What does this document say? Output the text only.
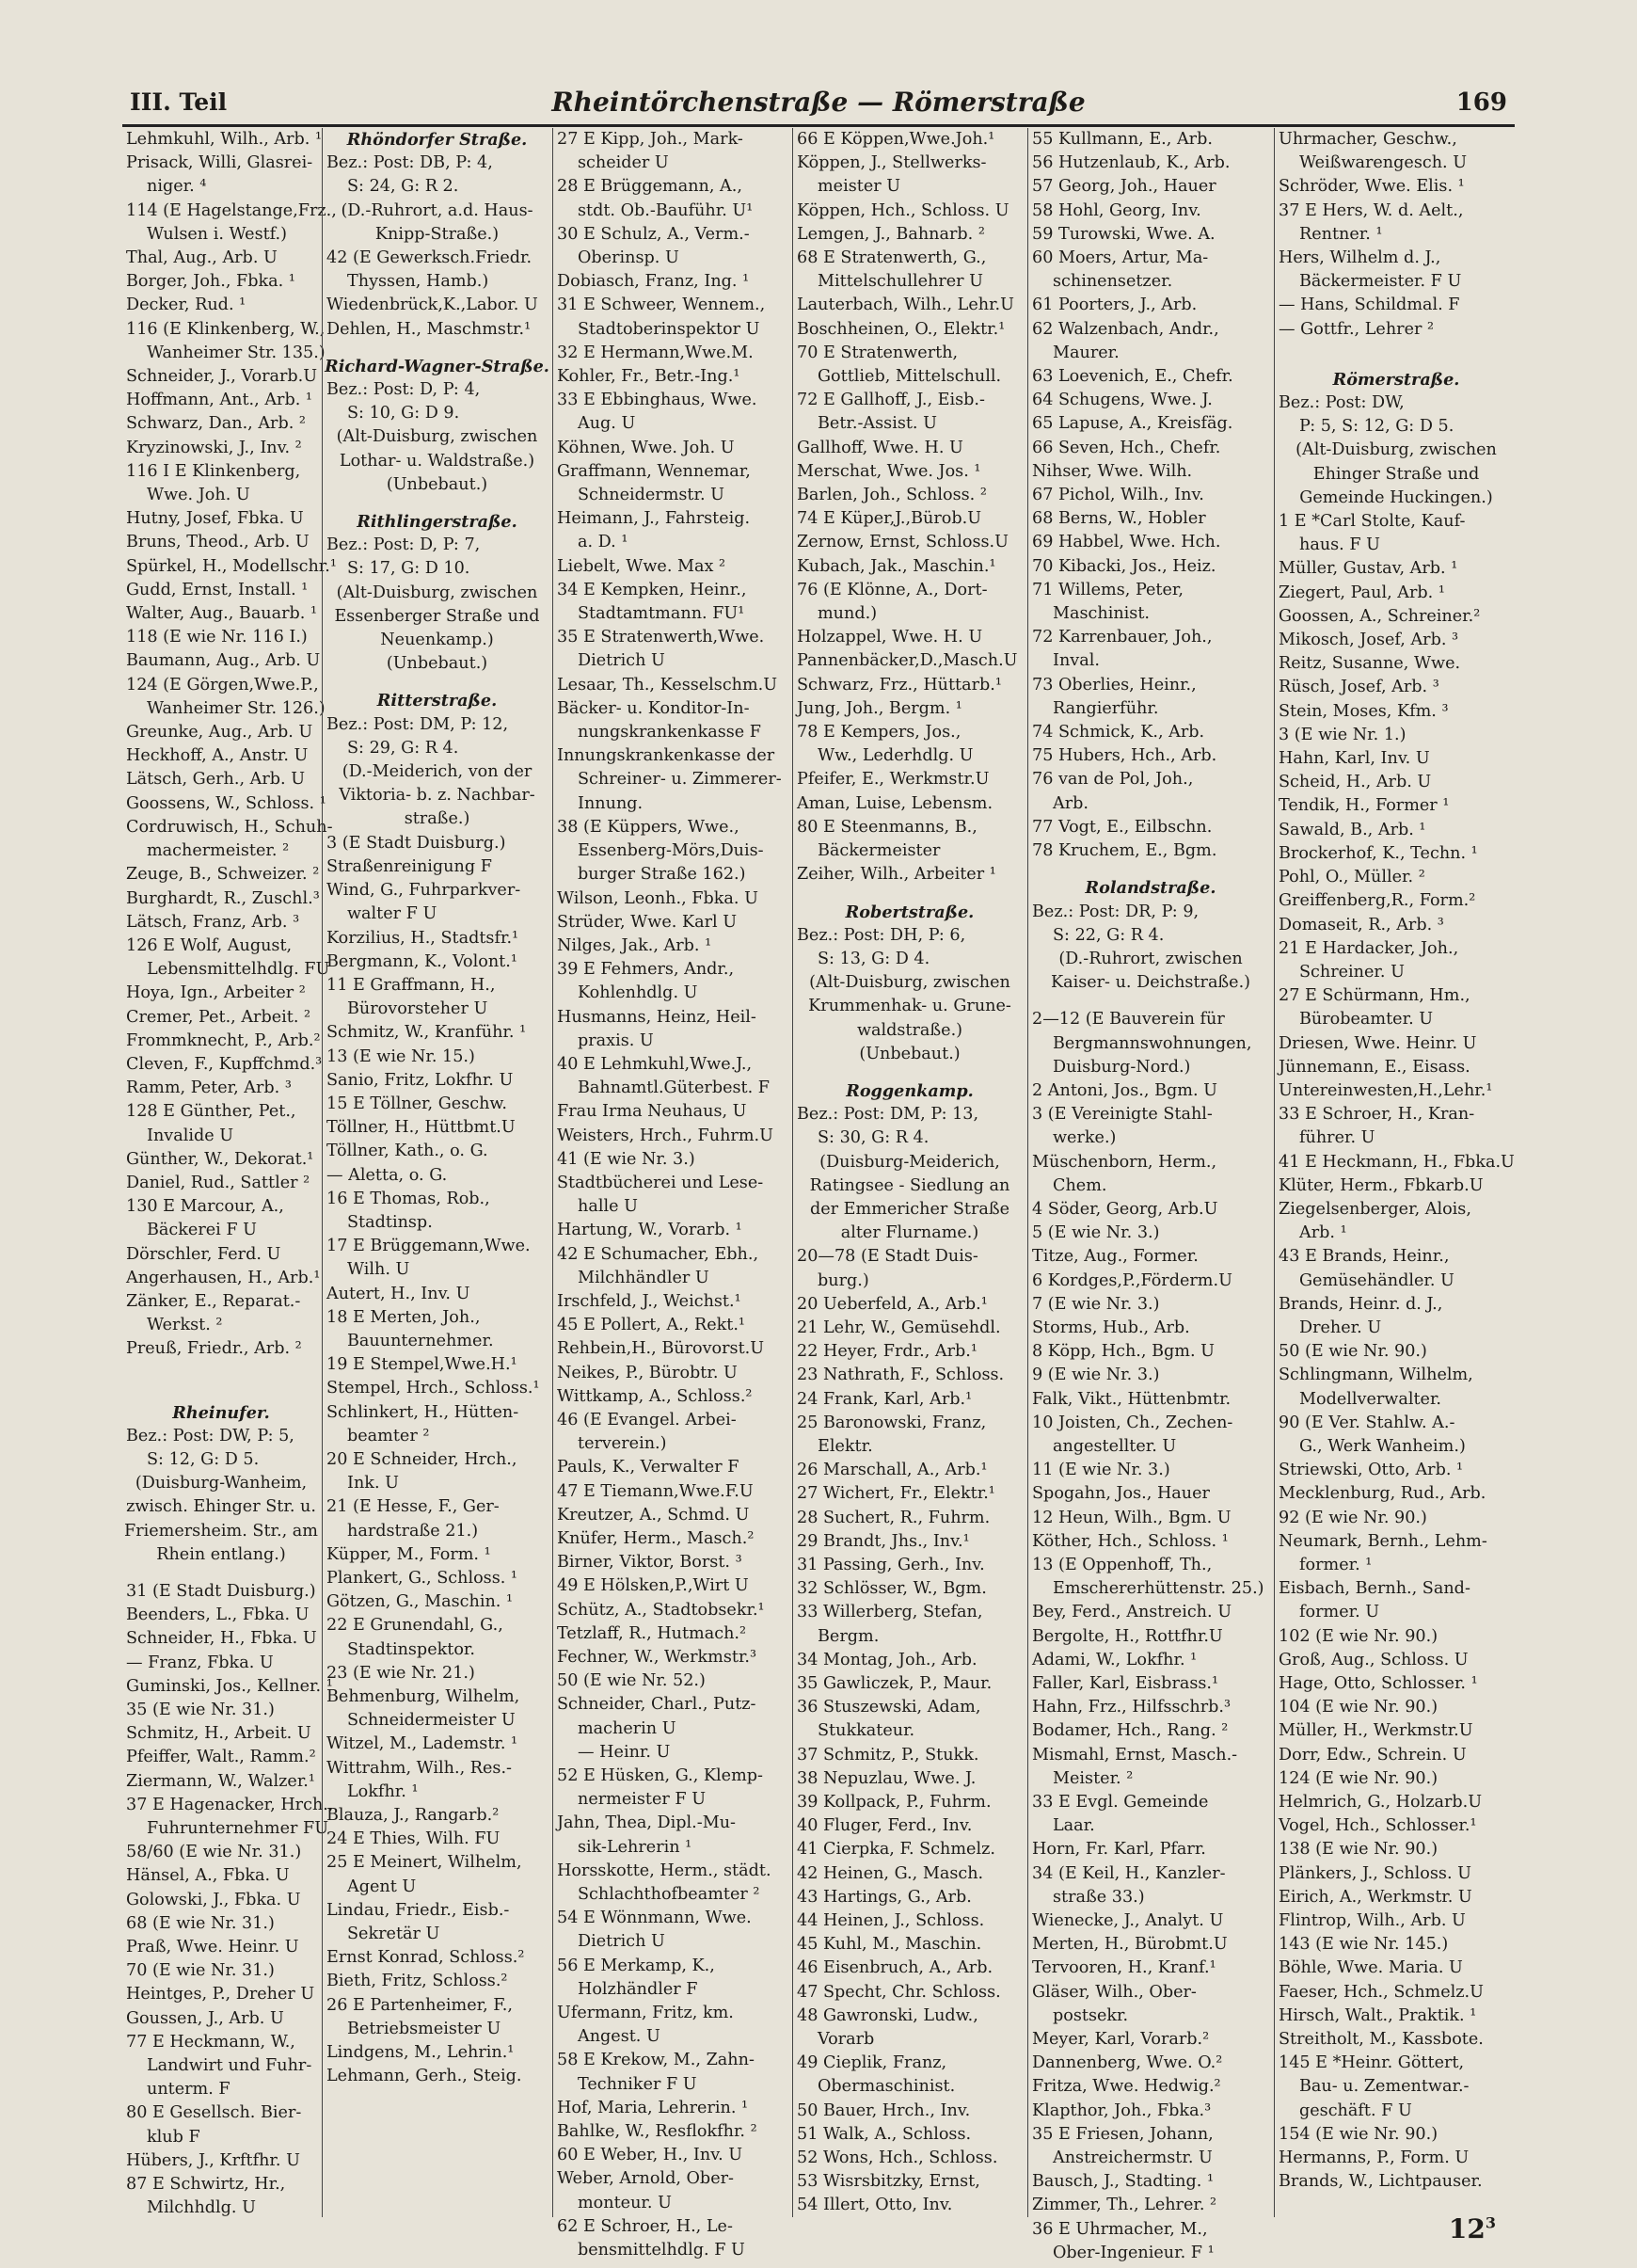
III. Teil	Rheintörchenstraße — Römerstraße	169
Lehmkuhl, Wilh., Arb. ¹
Prisack, Willi, Glasrei-
niger. ⁴
114 (E Hagelstange,Frz.,
Wulsen i. Westf.)
Thal, Aug., Arb. U
Borger, Joh., Fbka. ¹
Decker, Rud. ¹
116 (E Klinkenberg, W.,
Wanheimer Str. 135.)
Schneider, J., Vorarb.U
Hoffmann, Ant., Arb. ¹
Schwarz, Dan., Arb. ²
Kryzinowski, J., Inv. ²
116 I E Klinkenberg,
Wwe. Joh. U
Hutny, Josef, Fbka. U
Bruns, Theod., Arb. U
Spürkel, H., Modellschr.¹
Gudd, Ernst, Install. ¹
Walter, Aug., Bauarb. ¹
118 (E wie Nr. 116 I.)
Baumann, Aug., Arb. U
124 (E Görgen,Wwe.P.,
Wanheimer Str. 126.)
Greunke, Aug., Arb. U
Heckhoff, A., Anstr. U
Lätsch, Gerh., Arb. U
Goossens, W., Schloss. ¹
Cordruwisch, H., Schuh-
machermeister. ²
Zeuge, B., Schweizer. ²
Burghardt, R., Zuschl.³
Lätsch, Franz, Arb. ³
126 E Wolf, August,
Lebensmittelhdlg. FU
Hoya, Ign., Arbeiter ²
Cremer, Pet., Arbeit. ²
Frommknecht, P., Arb.²
Cleven, F., Kupffchmd.³
Ramm, Peter, Arb. ³
128 E Günther, Pet.,
Invalide U
Günther, W., Dekorat.¹
Daniel, Rud., Sattler ²
130 E Marcour, A.,
Bäckerei F U
Dörschler, Ferd. U
Angerhausen, H., Arb.¹
Zänker, E., Reparat.-
Werkst. ²
Preuß, Friedr., Arb. ²
Rheinufer.
Bez.: Post: DW, P: 5,
S: 12, G: D 5.
(Duisburg-Wanheim,
zwisch. Ehinger Str. u.
Friemersheim. Str., am
Rhein entlang.)
31 (E Stadt Duisburg.)
Beenders, L., Fbka. U
Schneider, H., Fbka. U
— Franz, Fbka. U
Guminski, Jos., Kellner. ¹
35 (E wie Nr. 31.)
Schmitz, H., Arbeit. U
Pfeiffer, Walt., Ramm.²
Ziermann, W., Walzer.¹
37 E Hagenacker, Hrch.,
Fuhrunternehmer FU
58/60 (E wie Nr. 31.)
Hänsel, A., Fbka. U
Golowski, J., Fbka. U
68 (E wie Nr. 31.)
Praß, Wwe. Heinr. U
70 (E wie Nr. 31.)
Heintges, P., Dreher U
Goussen, J., Arb. U
77 E Heckmann, W.,
Landwirt und Fuhr-
unterm. F
80 E Gesellsch. Bier-
klub F
Hübers, J., Krftfhr. U
87 E Schwirtz, Hr.,
Milchhdlg. U
Rhöndorfer Straße.
Bez.: Post: DB, P: 4,
S: 24, G: R 2.
(D.-Ruhrort, a.d. Haus-
Knipp-Straße.)
42 (E Gewerksch.Friedr.
Thyssen, Hamb.)
Wiedenbrück,K.,Labor. U
Dehlen, H., Maschmstr.¹
Richard-Wagner-Straße.
Bez.: Post: D, P: 4,
S: 10, G: D 9.
(Alt-Duisburg, zwischen
Lothar- u. Waldstraße.)
(Unbebaut.)
Rithlingerstraße.
Bez.: Post: D, P: 7,
S: 17, G: D 10.
(Alt-Duisburg, zwischen
Essenberger Straße und
Neuenkamp.)
(Unbebaut.)
Ritterstraße.
Bez.: Post: DM, P: 12,
S: 29, G: R 4.
(D.-Meiderich, von der
Viktoria- b. z. Nachbar-
straße.)
3 (E Stadt Duisburg.)
Straßenreinigung F
Wind, G., Fuhrparkver-
walter F U
Korzilius, H., Stadtsfr.¹
Bergmann, K., Volont.¹
11 E Graffmann, H.,
Bürovorsteher U
Schmitz, W., Kranführ. ¹
13 (E wie Nr. 15.)
Sanio, Fritz, Lokfhr. U
15 E Töllner, Geschw.
Töllner, H., Hüttbmt.U
Töllner, Kath., o. G.
— Aletta, o. G.
16 E Thomas, Rob.,
Stadtinsp.
17 E Brüggemann,Wwe.
Wilh. U
Autert, H., Inv. U
18 E Merten, Joh.,
Bauunternehmer.
19 E Stempel,Wwe.H.¹
Stempel, Hrch., Schloss.¹
Schlinkert, H., Hütten-
beamter ²
20 E Schneider, Hrch.,
Ink. U
21 (E Hesse, F., Ger-
hardstraße 21.)
Küpper, M., Form. ¹
Plankert, G., Schloss. ¹
Götzen, G., Maschin. ¹
22 E Grunendahl, G.,
Stadtinspektor.
23 (E wie Nr. 21.)
Behmenburg, Wilhelm,
Schneidermeister U
Witzel, M., Lademstr. ¹
Wittrahm, Wilh., Res.-
Lokfhr. ¹
Blauza, J., Rangarb.²
24 E Thies, Wilh. FU
25 E Meinert, Wilhelm,
Agent U
Lindau, Friedr., Eisb.-
Sekretär U
Ernst Konrad, Schloss.²
Bieth, Fritz, Schloss.²
26 E Partenheimer, F.,
Betriebsmeister U
Lindgens, M., Lehrin.¹
Lehmann, Gerh., Steig.
27 E Kipp, Joh., Mark-
scheider U
28 E Brüggemann, A.,
stdt. Ob.-Bauführ. U¹
30 E Schulz, A., Verm.-
Oberinsp. U
Dobiasch, Franz, Ing. ¹
31 E Schweer, Wennem.,
Stadtoberinspektor U
32 E Hermann,Wwe.M.
Kohler, Fr., Betr.-Ing.¹
33 E Ebbinghaus, Wwe.
Aug. U
Köhnen, Wwe. Joh. U
Graffmann, Wennemar,
Schneidermstr. U
Heimann, J., Fahrsteig.
a. D. ¹
Liebelt, Wwe. Max ²
34 E Kempken, Heinr.,
Stadtamtmann. FU¹
35 E Stratenwerth,Wwe.
Dietrich U
Lesaar, Th., Kesselschm.U
Bäcker- u. Konditor-In-
nungskrankenkasse F
Innungskrankenkasse der
Schreiner- u. Zimmerer-
Innung.
38 (E Küppers, Wwe.,
Essenberg-Mörs,Duis-
burger Straße 162.)
Wilson, Leonh., Fbka. U
Strüder, Wwe. Karl U
Nilges, Jak., Arb. ¹
39 E Fehmers, Andr.,
Kohlenhdlg. U
Husmanns, Heinz, Heil-
praxis. U
40 E Lehmkuhl,Wwe.J.,
Bahnamtl.Güterbest. F
Frau Irma Neuhaus, U
Weisters, Hrch., Fuhrm.U
41 (E wie Nr. 3.)
Stadtbücherei und Lese-
halle U
Hartung, W., Vorarb. ¹
42 E Schumacher, Ebh.,
Milchhändler U
Irschfeld, J., Weichst.¹
45 E Pollert, A., Rekt.¹
Rehbein,H., Bürovorst.U
Neikes, P., Bürobtr. U
Wittkamp, A., Schloss.²
46 (E Evangel. Arbei-
terverein.)
Pauls, K., Verwalter F
47 E Tiemann,Wwe.F.U
Kreutzer, A., Schmd. U
Knüfer, Herm., Masch.²
Birner, Viktor, Borst. ³
49 E Hölsken,P.,Wirt U
Schütz, A., Stadtobsekr.¹
Tetzlaff, R., Hutmach.²
Fechner, W., Werkmstr.³
50 (E wie Nr. 52.)
Schneider, Charl., Putz-
macherin U
— Heinr. U
52 E Hüsken, G., Klemp-
nermeister F U
Jahn, Thea, Dipl.-Mu-
sik-Lehrerin ¹
Horsskotte, Herm., städt.
Schlachthofbeamter ²
54 E Wönnmann, Wwe.
Dietrich U
56 E Merkamp, K.,
Holzhändler F
Ufermann, Fritz, km.
Angest. U
58 E Krekow, M., Zahn-
Techniker F U
Hof, Maria, Lehrerin. ¹
Bahlke, W., Resflokfhr. ²
60 E Weber, H., Inv. U
Weber, Arnold, Ober-
monteur. U
62 E Schroer, H., Le-
bensmittelhdlg. F U
66 E Köppen,Wwe.Joh.¹
Köppen, J., Stellwerks-
meister U
Köppen, Hch., Schloss. U
Lemgen, J., Bahnarb. ²
68 E Stratenwerth, G.,
Mittelschullehrer U
Lauterbach, Wilh., Lehr.U
Boschheinen, O., Elektr.¹
70 E Stratenwerth,
Gottlieb, Mittelschull.
72 E Gallhoff, J., Eisb.-
Betr.-Assist. U
Gallhoff, Wwe. H. U
Merschat, Wwe. Jos. ¹
Barlen, Joh., Schloss. ²
74 E Küper,J.,Bürob.U
Zernow, Ernst, Schloss.U
Kubach, Jak., Maschin.¹
76 (E Klönne, A., Dort-
mund.)
Holzappel, Wwe. H. U
Pannenbäcker,D.,Masch.U
Schwarz, Frz., Hüttarb.¹
Jung, Joh., Bergm. ¹
78 E Kempers, Jos.,
Ww., Lederhdlg. U
Pfeifer, E., Werkmstr.U
Aman, Luise, Lebensm.
80 E Steenmanns, B.,
Bäckermeister
Zeiher, Wilh., Arbeiter ¹
Robertstraße.
Bez.: Post: DH, P: 6,
S: 13, G: D 4.
(Alt-Duisburg, zwischen
Krummenhak- u. Grune-
waldstraße.)
(Unbebaut.)
Roggenkamp.
Bez.: Post: DM, P: 13,
S: 30, G: R 4.
(Duisburg-Meiderich,
Ratingsee - Siedlung an
der Emmericher Straße
alter Flurname.)
20—78 (E Stadt Duis-
burg.)
20 Ueberfeld, A., Arb.¹
21 Lehr, W., Gemüsehdl.
22 Heyer, Frdr., Arb.¹
23 Nathrath, F., Schloss.
24 Frank, Karl, Arb.¹
25 Baronowski, Franz,
Elektr.
26 Marschall, A., Arb.¹
27 Wichert, Fr., Elektr.¹
28 Suchert, R., Fuhrm.
29 Brandt, Jhs., Inv.¹
31 Passing, Gerh., Inv.
32 Schlösser, W., Bgm.
33 Willerberg, Stefan,
Bergm.
34 Montag, Joh., Arb.
35 Gawliczek, P., Maur.
36 Stuszewski, Adam,
Stukkateur.
37 Schmitz, P., Stukk.
38 Nepuzlau, Wwe. J.
39 Kollpack, P., Fuhrm.
40 Fluger, Ferd., Inv.
41 Cierpka, F. Schmelz.
42 Heinen, G., Masch.
43 Hartings, G., Arb.
44 Heinen, J., Schloss.
45 Kuhl, M., Maschin.
46 Eisenbruch, A., Arb.
47 Specht, Chr. Schloss.
48 Gawronski, Ludw.,
Vorarb
49 Cieplik, Franz,
Obermaschinist.
50 Bauer, Hrch., Inv.
51 Walk, A., Schloss.
52 Wons, Hch., Schloss.
53 Wisrsbitzky, Ernst,
54 Illert, Otto, Inv.
55 Kullmann, E., Arb.
56 Hutzenlaub, K., Arb.
57 Georg, Joh., Hauer
58 Hohl, Georg, Inv.
59 Turowski, Wwe. A.
60 Moers, Artur, Ma-
schinensetzer.
61 Poorters, J., Arb.
62 Walzenbach, Andr.,
Maurer.
63 Loevenich, E., Chefr.
64 Schugens, Wwe. J.
65 Lapuse, A., Kreisfäg.
66 Seven, Hch., Chefr.
Nihser, Wwe. Wilh.
67 Pichol, Wilh., Inv.
68 Berns, W., Hobler
69 Habbel, Wwe. Hch.
70 Kibacki, Jos., Heiz.
71 Willems, Peter,
Maschinist.
72 Karrenbauer, Joh.,
Inval.
73 Oberlies, Heinr.,
Rangierführ.
74 Schmick, K., Arb.
75 Hubers, Hch., Arb.
76 van de Pol, Joh.,
Arb.
77 Vogt, E., Eilbschn.
78 Kruchem, E., Bgm.
Rolandstraße.
Bez.: Post: DR, P: 9,
S: 22, G: R 4.
(D.-Ruhrort, zwischen
Kaiser- u. Deichstraße.)
2—12 (E Bauverein für
Bergmannswohnungen,
Duisburg-Nord.)
2 Antoni, Jos., Bgm. U
3 (E Vereinigte Stahl-
werke.)
Müschenborn, Herm.,
Chem.
4 Söder, Georg, Arb.U
5 (E wie Nr. 3.)
Titze, Aug., Former.
6 Kordges,P.,Förderm.U
7 (E wie Nr. 3.)
Storms, Hub., Arb.
8 Köpp, Hch., Bgm. U
9 (E wie Nr. 3.)
Falk, Vikt., Hüttenbmtr.
10 Joisten, Ch., Zechen-
angestellter. U
11 (E wie Nr. 3.)
Spogahn, Jos., Hauer
12 Heun, Wilh., Bgm. U
Köther, Hch., Schloss. ¹
13 (E Oppenhoff, Th.,
Emschererhüttenstr. 25.)
Bey, Ferd., Anstreich. U
Bergolte, H., Rottfhr.U
Adami, W., Lokfhr. ¹
Faller, Karl, Eisbrass.¹
Hahn, Frz., Hilfsschrb.³
Bodamer, Hch., Rang. ²
Mismahl, Ernst, Masch.-
Meister. ²
33 E Evgl. Gemeinde
Laar.
Horn, Fr. Karl, Pfarr.
34 (E Keil, H., Kanzler-
straße 33.)
Wienecke, J., Analyt. U
Merten, H., Bürobmt.U
Tervooren, H., Kranf.¹
Gläser, Wilh., Ober-
postsekr.
Meyer, Karl, Vorarb.²
Dannenberg, Wwe. O.²
Fritza, Wwe. Hedwig.²
Klapthor, Joh., Fbka.³
35 E Friesen, Johann,
Anstreichermstr. U
Bausch, J., Stadting. ¹
Zimmer, Th., Lehrer. ²
36 E Uhrmacher, M.,
Ober-Ingenieur. F ¹
Uhrmacher, Geschw.,
Weißwarengesch. U
Schröder, Wwe. Elis. ¹
37 E Hers, W. d. Aelt.,
Rentner. ¹
Hers, Wilhelm d. J.,
Bäckermeister. F U
— Hans, Schildmal. F
— Gottfr., Lehrer ²
Römerstraße.
Bez.: Post: DW,
P: 5, S: 12, G: D 5.
(Alt-Duisburg, zwischen
Ehinger Straße und
Gemeinde Huckingen.)
1 E *Carl Stolte, Kauf-
haus. F U
Müller, Gustav, Arb. ¹
Ziegert, Paul, Arb. ¹
Goossen, A., Schreiner.²
Mikosch, Josef, Arb. ³
Reitz, Susanne, Wwe.
Rüsch, Josef, Arb. ³
Stein, Moses, Kfm. ³
3 (E wie Nr. 1.)
Hahn, Karl, Inv. U
Scheid, H., Arb. U
Tendik, H., Former ¹
Sawald, B., Arb. ¹
Brockerhof, K., Techn. ¹
Pohl, O., Müller. ²
Greiffenberg,R., Form.²
Domaseit, R., Arb. ³
21 E Hardacker, Joh.,
Schreiner. U
27 E Schürmann, Hm.,
Bürobeamter. U
Driesen, Wwe. Heinr. U
Jünnemann, E., Eisass.
Untereinwesten,H.,Lehr.¹
33 E Schroer, H., Kran-
führer. U
41 E Heckmann, H., Fbka.U
Klüter, Herm., Fbkarb.U
Ziegelsenberger, Alois,
Arb. ¹
43 E Brands, Heinr.,
Gemüsehändler. U
Brands, Heinr. d. J.,
Dreher. U
50 (E wie Nr. 90.)
Schlingmann, Wilhelm,
Modellverwalter.
90 (E Ver. Stahlw. A.-
G., Werk Wanheim.)
Striewski, Otto, Arb. ¹
Mecklenburg, Rud., Arb.
92 (E wie Nr. 90.)
Neumark, Bernh., Lehm-
former. ¹
Eisbach, Bernh., Sand-
former. U
102 (E wie Nr. 90.)
Groß, Aug., Schloss. U
Hage, Otto, Schlosser. ¹
104 (E wie Nr. 90.)
Müller, H., Werkmstr.U
Dorr, Edw., Schrein. U
124 (E wie Nr. 90.)
Helmrich, G., Holzarb.U
Vogel, Hch., Schlosser.¹
138 (E wie Nr. 90.)
Plänkers, J., Schloss. U
Eirich, A., Werkmstr. U
Flintrop, Wilh., Arb. U
143 (E wie Nr. 145.)
Böhle, Wwe. Maria. U
Faeser, Hch., Schmelz.U
Hirsch, Walt., Praktik. ¹
Streitholt, M., Kassbote.
145 E *Heinr. Göttert,
Bau- u. Zementwar.-
geschäft. F U
154 (E wie Nr. 90.)
Hermanns, P., Form. U
Brands, W., Lichtpauser.
$12^3$
